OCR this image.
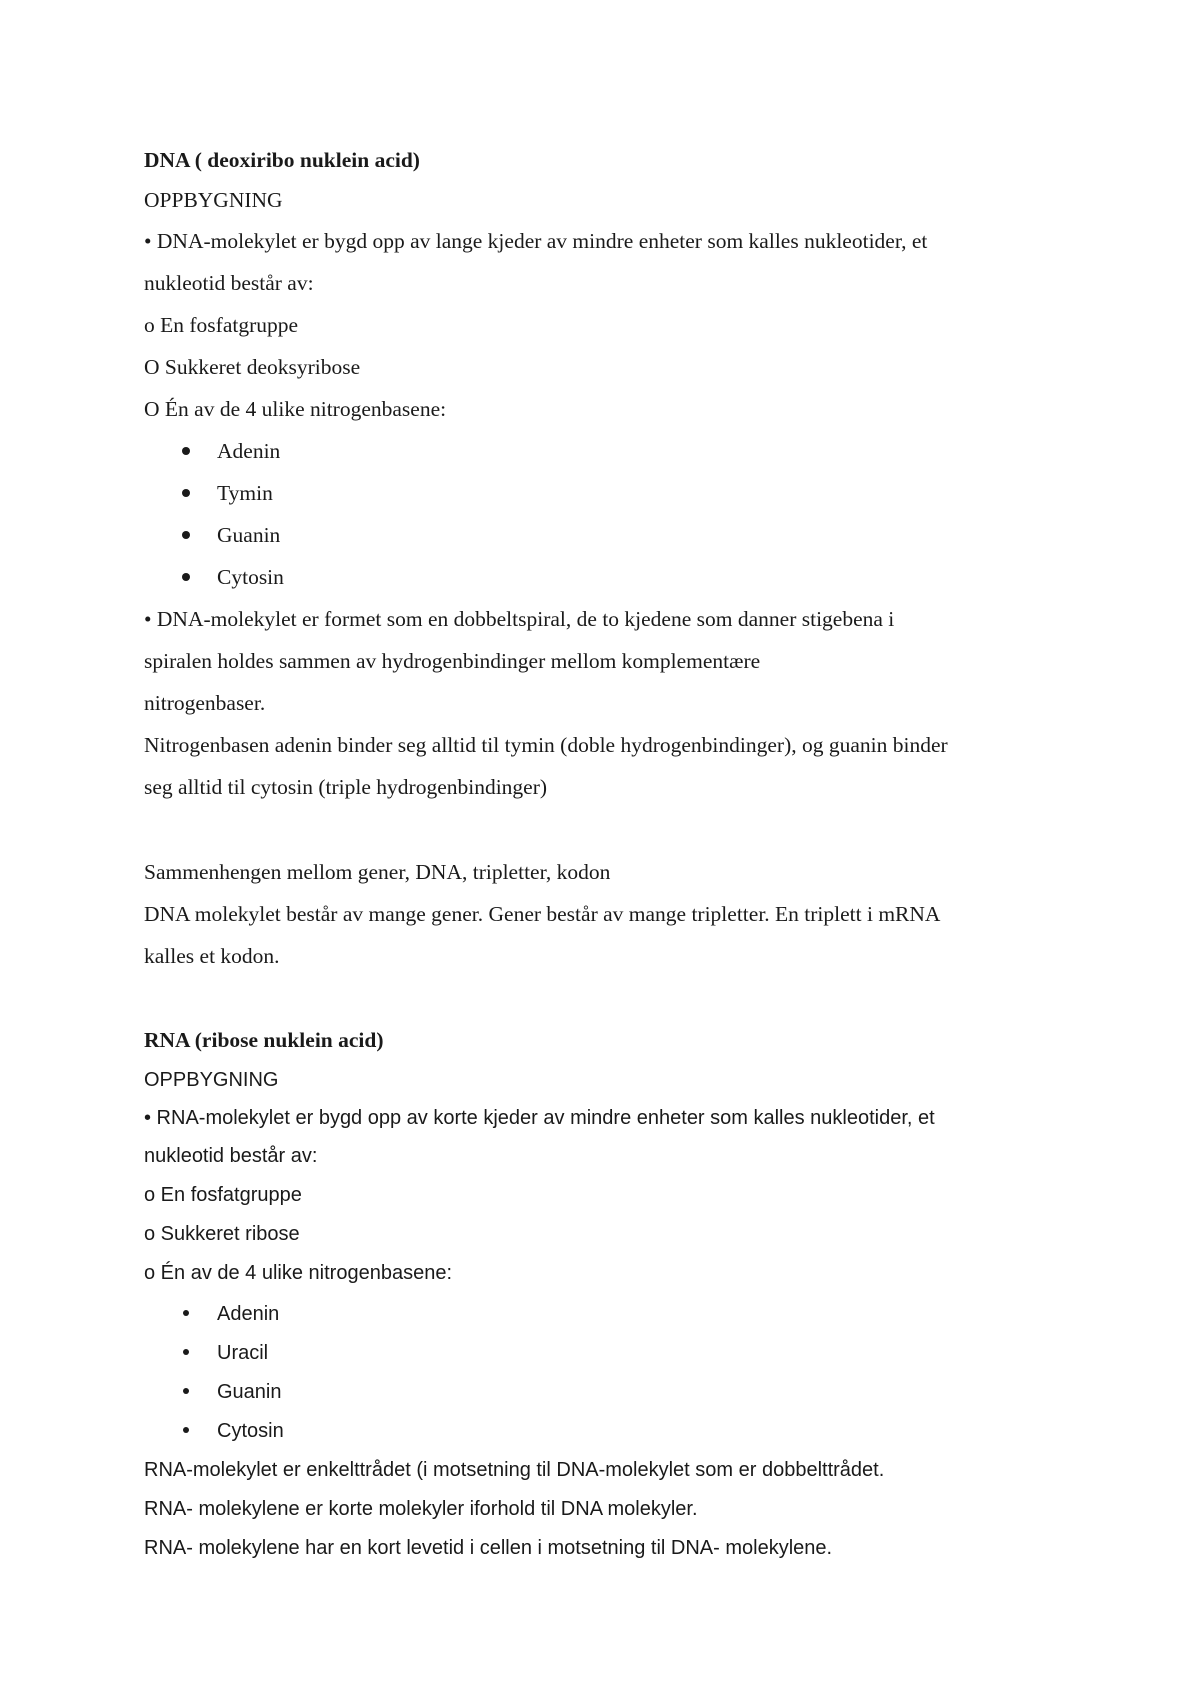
DNA ( deoxiribo nuklein acid)
OPPBYGNING
• DNA-molekylet er bygd opp av lange kjeder av mindre enheter som kalles nukleotider, et
nukleotid består av:
o En fosfatgruppe
O Sukkeret deoksyribose
O Én av de 4 ulike nitrogenbasene:
Adenin
Tymin
Guanin
Cytosin
• DNA-molekylet er formet som en dobbeltspiral, de to kjedene som danner stigebena i
spiralen holdes sammen av hydrogenbindinger mellom komplementære
nitrogenbaser.
Nitrogenbasen adenin binder seg alltid til tymin (doble hydrogenbindinger), og guanin binder
seg alltid til cytosin (triple hydrogenbindinger)
Sammenhengen mellom gener, DNA, tripletter, kodon
DNA molekylet består av mange gener. Gener består av mange tripletter. En triplett i mRNA
kalles et kodon.
RNA (ribose nuklein acid)
OPPBYGNING
• RNA-molekylet er bygd opp av korte kjeder av mindre enheter som kalles nukleotider, et
nukleotid består av:
o En fosfatgruppe
o Sukkeret ribose
o Én av de 4 ulike nitrogenbasene:
Adenin
Uracil
Guanin
Cytosin
RNA-molekylet er enkelttrådet (i motsetning til DNA-molekylet som er dobbelttrådet.
RNA- molekylene er korte molekyler iforhold til DNA molekyler.
RNA- molekylene har en kort levetid i cellen i motsetning til DNA- molekylene.
